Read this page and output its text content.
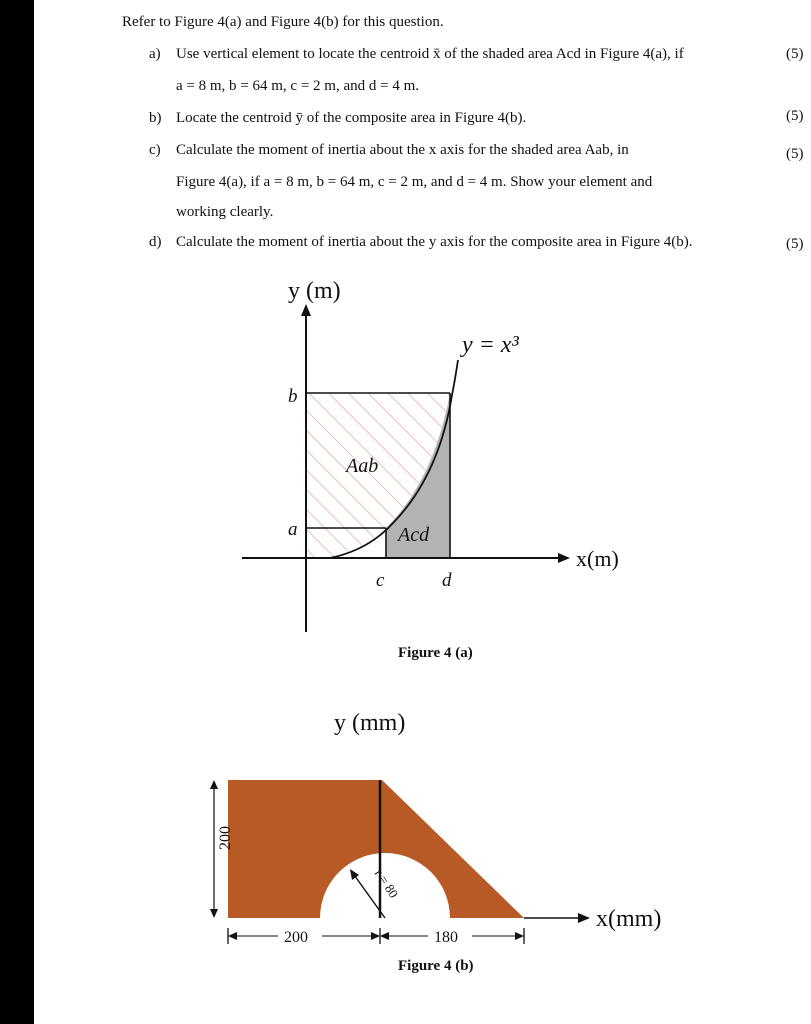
Refer to Figure 4(a) and Figure 4(b) for this question.
a) Use vertical element to locate the centroid x̄ of the shaded area Acd in Figure 4(a), if
a = 8 m, b = 64 m, c = 2 m, and d = 4 m.
(5)
b) Locate the centroid ȳ of the composite area in Figure 4(b).	(5)
c) Calculate the moment of inertia about the x axis for the shaded area Aab, in
Figure 4(a), if a = 8 m, b = 64 m, c = 2 m, and d = 4 m. Show your element and
working clearly.
(5)
d) Calculate the moment of inertia about the y axis for the composite area in Figure 4(b).	(5)
y (m)
y = x³
b
a
c	d
Aab
Acd
x(m)
Figure 4 (a)
y (mm)
r = 80
200
x(mm)
200	180
Figure 4 (b)
